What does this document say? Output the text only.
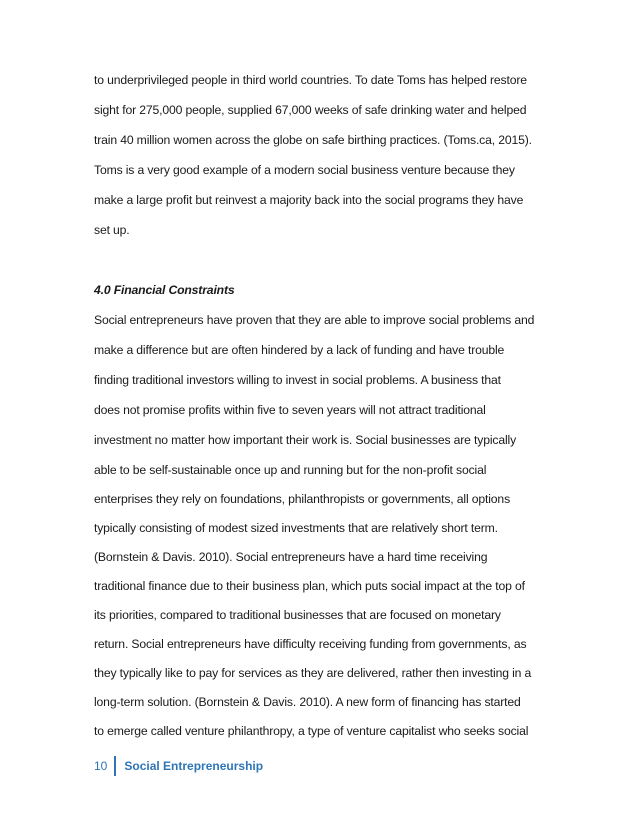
to underprivileged people in third world countries. To date Toms has helped restore
sight for 275,000 people, supplied 67,000 weeks of safe drinking water and helped
train 40 million women across the globe on safe birthing practices. (Toms.ca, 2015).
Toms is a very good example of a modern social business venture because they
make a large profit but reinvest a majority back into the social programs they have
set up.
4.0 Financial Constraints
Social entrepreneurs have proven that they are able to improve social problems and
make a difference but are often hindered by a lack of funding and have trouble
finding traditional investors willing to invest in social problems. A business that
does not promise profits within five to seven years will not attract traditional
investment no matter how important their work is. Social businesses are typically
able to be self-sustainable once up and running but for the non-profit social
enterprises they rely on foundations, philanthropists or governments, all options
typically consisting of modest sized investments that are relatively short term.
(Bornstein & Davis. 2010). Social entrepreneurs have a hard time receiving
traditional finance due to their business plan, which puts social impact at the top of
its priorities, compared to traditional businesses that are focused on monetary
return. Social entrepreneurs have difficulty receiving funding from governments, as
they typically like to pay for services as they are delivered, rather then investing in a
long-term solution. (Bornstein & Davis. 2010). A new form of financing has started
to emerge called venture philanthropy, a type of venture capitalist who seeks social
10	Social Entrepreneurship
